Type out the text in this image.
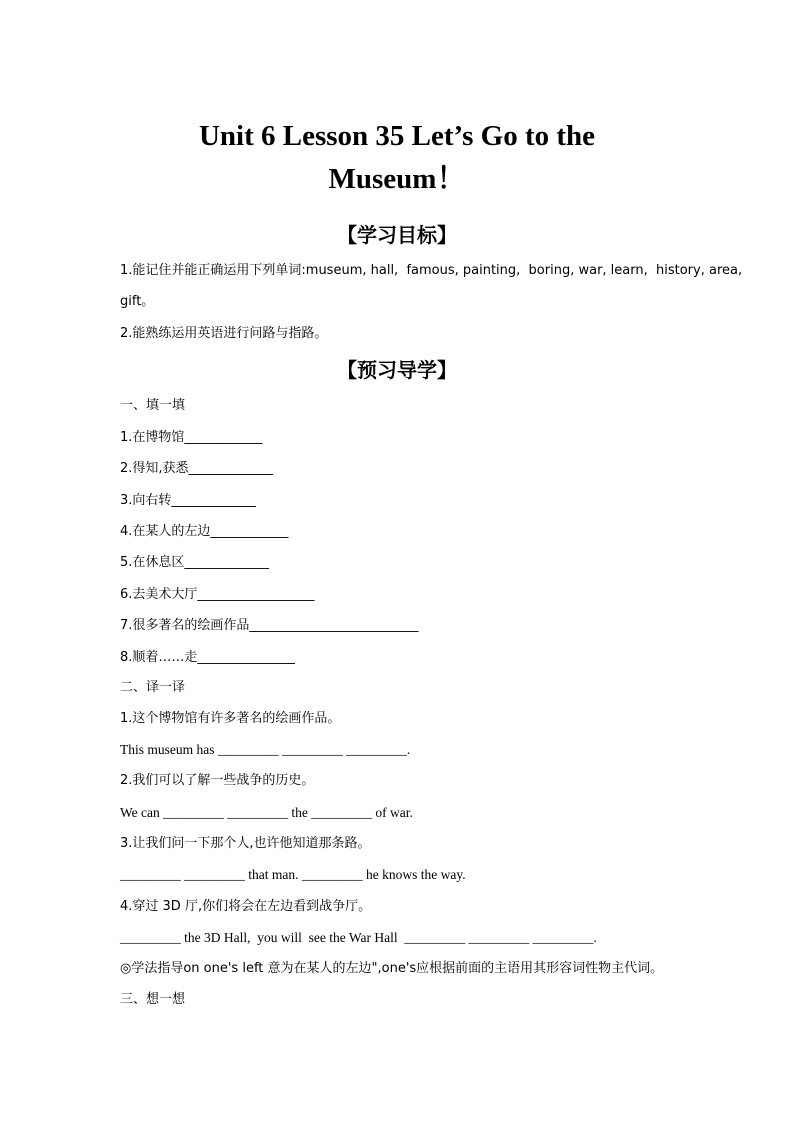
Unit 6 Lesson 35 Let’s Go to the
Museum！
【学习目标】
1.能记住并能正确运用下列单词:museum, hall,  famous, painting,  boring, war, learn,  history, area,
gift。
2.能熟练运用英语进行问路与指路。
【预习导学】
一、填一填
1.在博物馆____________
2.得知,获悉_____________
3.向右转_____________
4.在某人的左边____________
5.在休息区_____________
6.去美术大厅__________________
7.很多著名的绘画作品__________________________
8.顺着……走_______________
二、译一译
1.这个博物馆有许多著名的绘画作品。
This museum has _________ _________ _________.
2.我们可以了解一些战争的历史。
We can _________ _________ the _________ of war.
3.让我们问一下那个人,也许他知道那条路。
_________ _________ that man. _________ he knows the way.
4.穿过 3D 厅,你们将会在左边看到战争厅。
_________ the 3D Hall,  you will  see the War Hall  _________ _________ _________.
◎学法指导on one's left 意为在某人的左边",one's应根据前面的主语用其形容词性物主代词。
三、想一想
